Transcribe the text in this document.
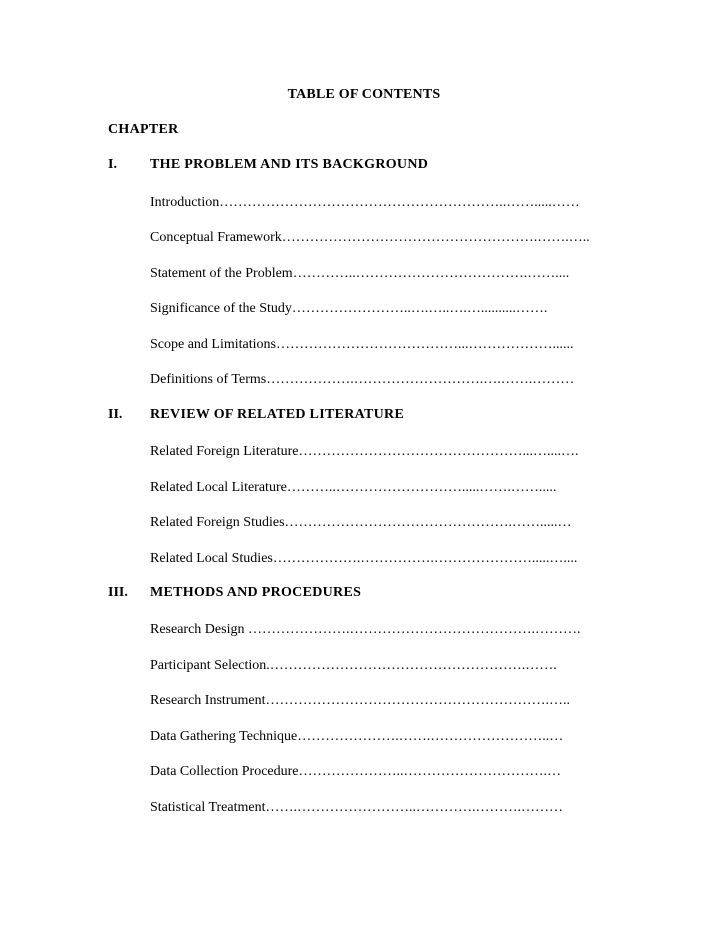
TABLE OF CONTENTS
CHAPTER
I. THE PROBLEM AND ITS BACKGROUND
Introduction……………………………………………………..…….....……
Conceptual Framework……………………………………………….…….…..
Statement of the Problem…………..……………………………….……....
Significance of the Study……………………..….…..….…..........…….
Scope and Limitations…………………………………...………………......
Definitions of Terms……………….……………………….….…….………
II. REVIEW OF RELATED LITERATURE
Related Foreign Literature…………………………………………...…....….
Related Local Literature………..……………………….....…….…….....
Related Foreign Studies………………………………………….…….....…
Related Local Studies……………….…………….………………….....…....
III. METHODS AND PROCEDURES
Research Design ………………….………………………………….……….
Participant Selection.……………………………………………….…….
Research Instrument…………………………………………………….…..
Data Gathering Technique………………….…….……………………..…
Data Collection Procedure…………………..………………………….…
Statistical Treatment…….……………………..………….……….………
